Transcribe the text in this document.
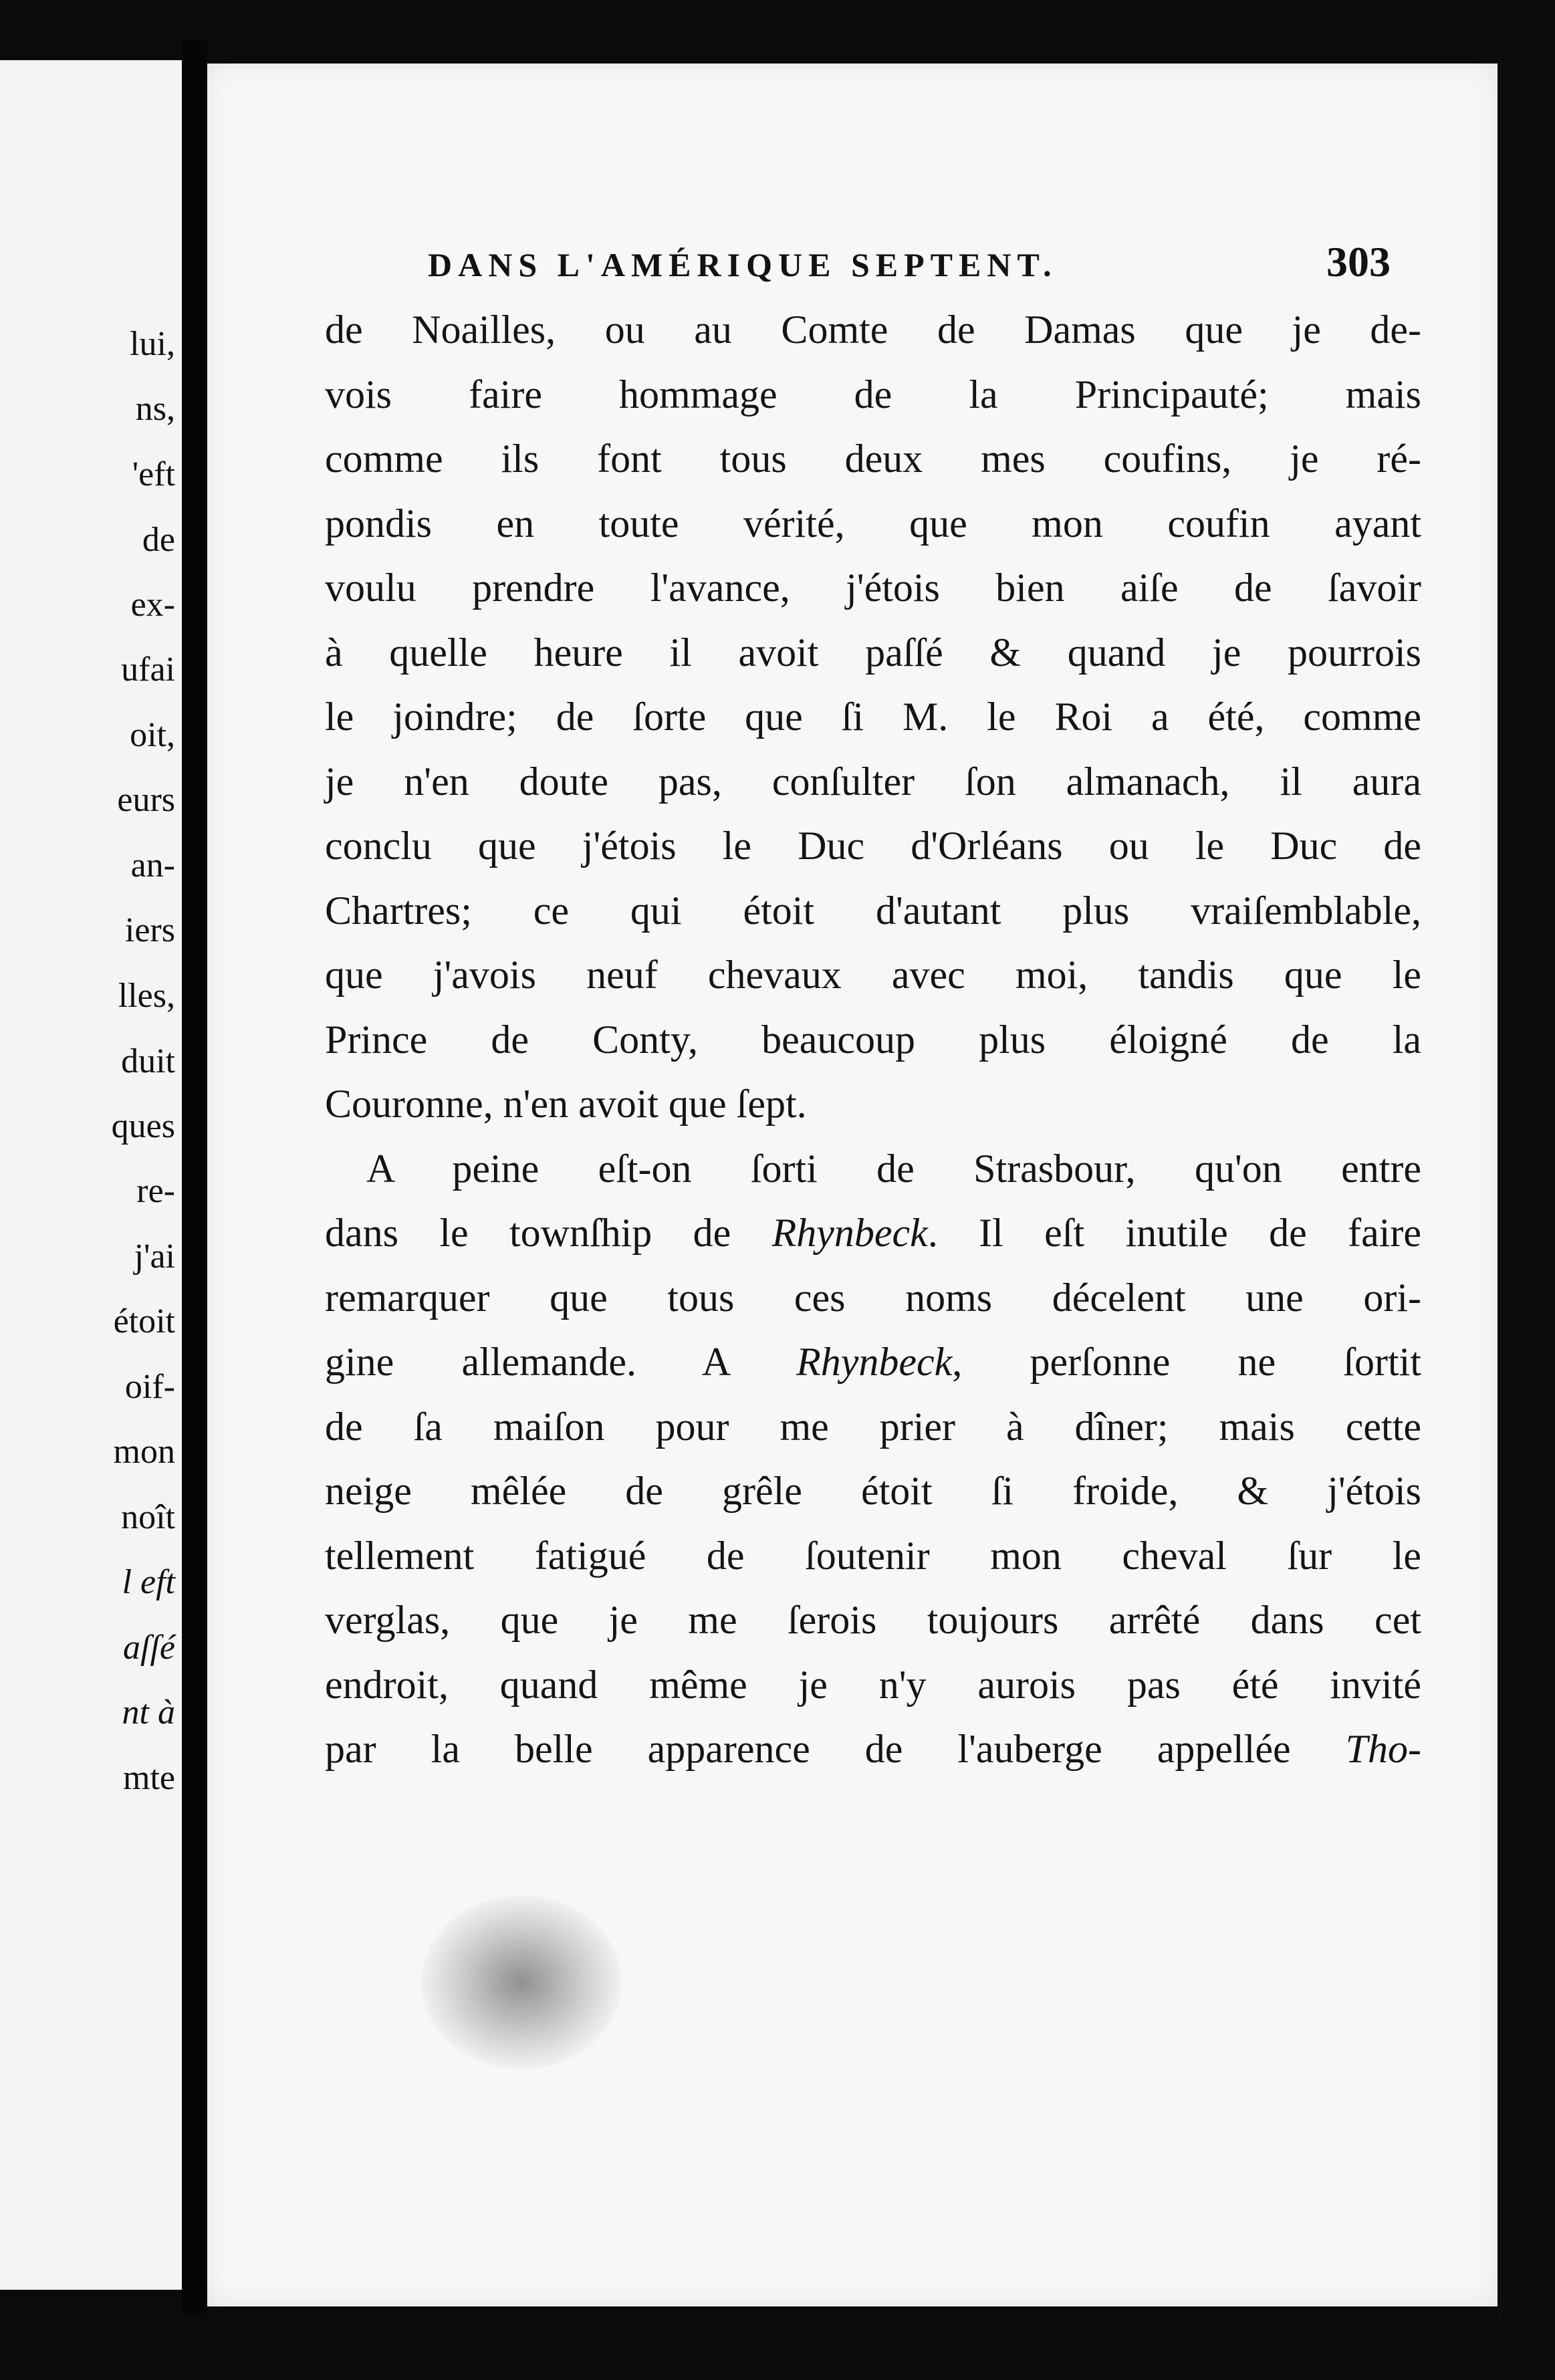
lui,
ns,
'eft
de
ex-
ufai
oit,
eurs
an-
iers
lles,
duit
ques
re-
j'ai
étoit
oif-
mon
noît
l eft
aſſé
nt à
mte
DANS L'AMÉRIQUE SEPTENT.	303
de Noailles, ou au Comte de Damas que je de-
vois faire hommage de la Principauté; mais
comme ils font tous deux mes coufins, je ré-
pondis en toute vérité, que mon coufin ayant
voulu prendre l'avance, j'étois bien aiſe de ſavoir
à quelle heure il avoit paſſé & quand je pourrois
le joindre; de ſorte que ſi M. le Roi a été, comme
je n'en doute pas, conſulter ſon almanach, il aura
conclu que j'étois le Duc d'Orléans ou le Duc de
Chartres; ce qui étoit d'autant plus vraiſemblable,
que j'avois neuf chevaux avec moi, tandis que le
Prince de Conty, beaucoup plus éloigné de la
Couronne, n'en avoit que ſept.
A peine eſt-on ſorti de Strasbour, qu'on entre
dans le townſhip de Rhynbeck. Il eſt inutile de faire
remarquer que tous ces noms décelent une ori-
gine allemande. A Rhynbeck, perſonne ne ſortit
de ſa maiſon pour me prier à dîner; mais cette
neige mêlée de grêle étoit ſi froide, & j'étois
tellement fatigué de ſoutenir mon cheval ſur le
verglas, que je me ſerois toujours arrêté dans cet
endroit, quand même je n'y aurois pas été invité
par la belle apparence de l'auberge appellée Tho-
